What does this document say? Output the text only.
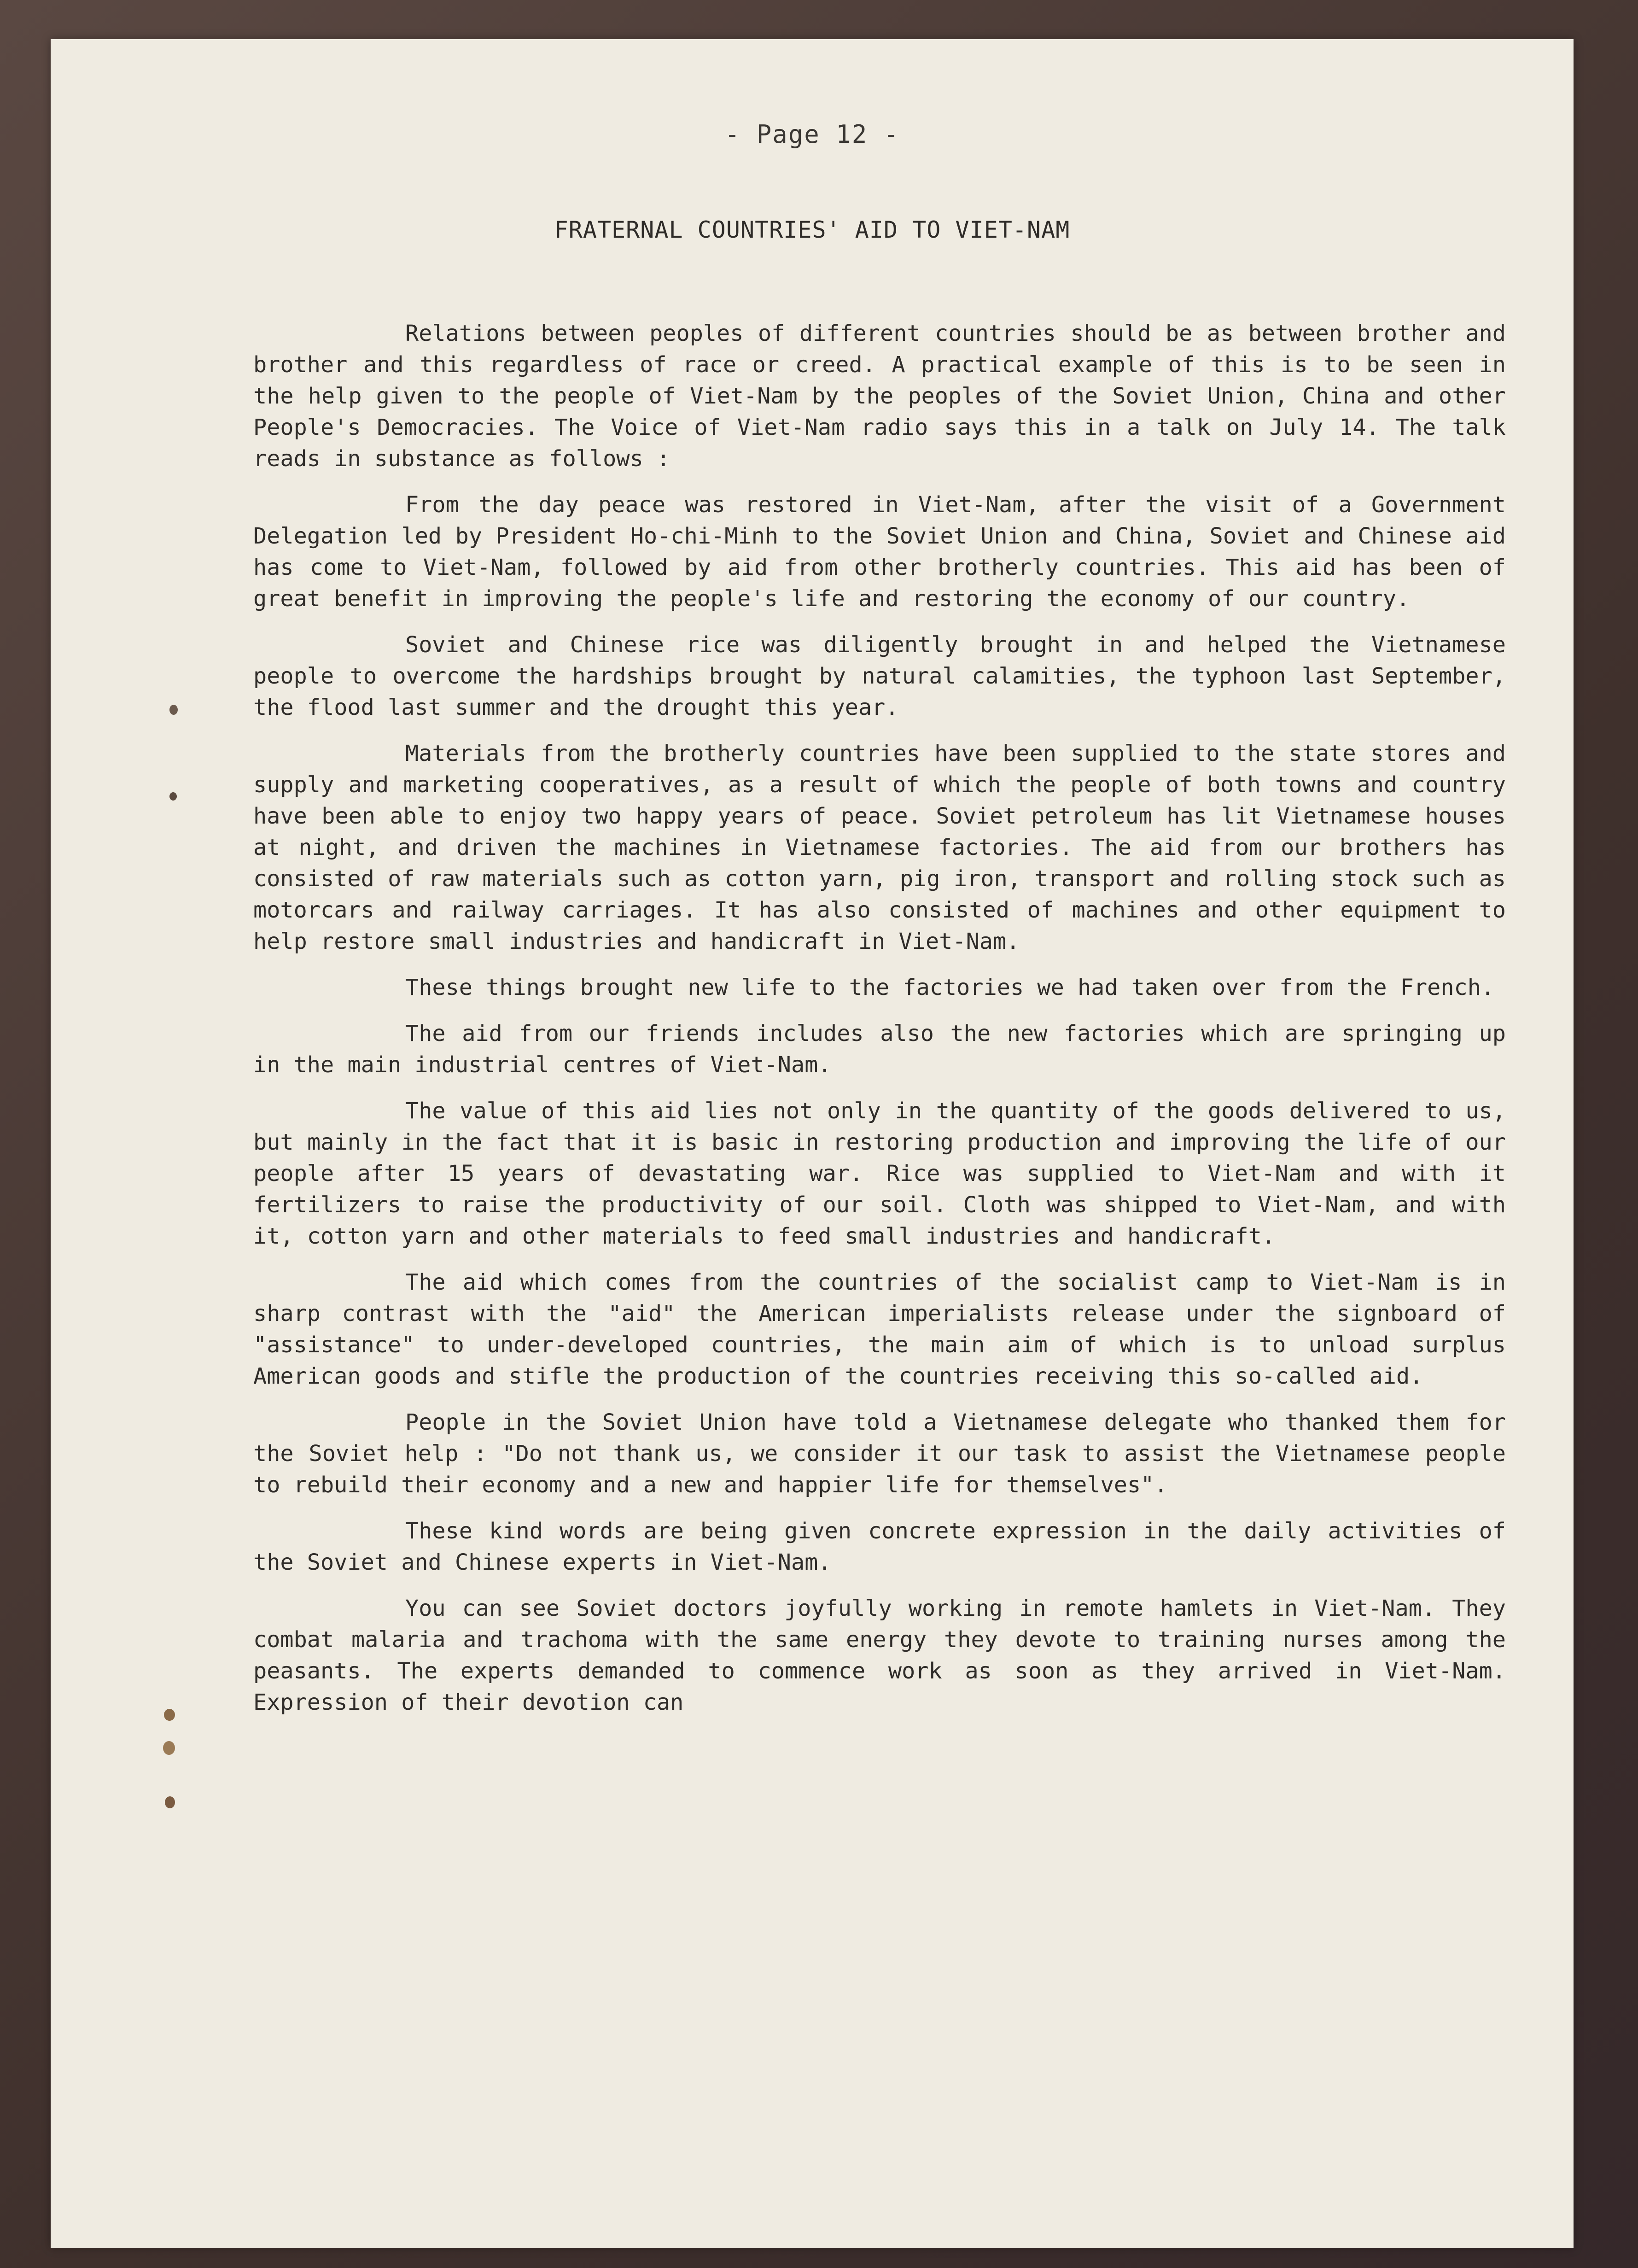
- Page 12 -
FRATERNAL COUNTRIES' AID TO VIET-NAM

Relations between peoples of different countries should be as between brother and brother and this regardless of race or creed. A practical example of this is to be seen in the help given to the people of Viet-Nam by the peoples of the Soviet Union, China and other People's Democracies. The Voice of Viet-Nam radio says this in a talk on July 14. The talk reads in substance as follows :

From the day peace was restored in Viet-Nam, after the visit of a Government Delegation led by President Ho-chi-Minh to the Soviet Union and China, Soviet and Chinese aid has come to Viet-Nam, followed by aid from other brotherly countries. This aid has been of great benefit in improving the people's life and restoring the economy of our country.

Soviet and Chinese rice was diligently brought in and helped the Vietnamese people to overcome the hardships brought by natural calamities, the typhoon last September, the flood last summer and the drought this year.

Materials from the brotherly countries have been supplied to the state stores and supply and marketing cooperatives, as a result of which the people of both towns and country have been able to enjoy two happy years of peace. Soviet petroleum has lit Vietnamese houses at night, and driven the machines in Vietnamese factories. The aid from our brothers has consisted of raw materials such as cotton yarn, pig iron, transport and rolling stock such as motorcars and railway carriages. It has also consisted of machines and other equipment to help restore small industries and handicraft in Viet-Nam.

These things brought new life to the factories we had taken over from the French.

The aid from our friends includes also the new factories which are springing up in the main industrial centres of Viet-Nam.

The value of this aid lies not only in the quantity of the goods delivered to us, but mainly in the fact that it is basic in restoring production and improving the life of our people after 15 years of devastating war. Rice was supplied to Viet-Nam and with it fertilizers to raise the productivity of our soil. Cloth was shipped to Viet-Nam, and with it, cotton yarn and other materials to feed small industries and handicraft.

The aid which comes from the countries of the socialist camp to Viet-Nam is in sharp contrast with the "aid" the American imperialists release under the signboard of "assistance" to under-developed countries, the main aim of which is to unload surplus American goods and stifle the production of the countries receiving this so-called aid.

People in the Soviet Union have told a Vietnamese delegate who thanked them for the Soviet help : "Do not thank us, we consider it our task to assist the Vietnamese people to rebuild their economy and a new and happier life for themselves".

These kind words are being given concrete expression in the daily activities of the Soviet and Chinese experts in Viet-Nam.

You can see Soviet doctors joyfully working in remote hamlets in Viet-Nam. They combat malaria and trachoma with the same energy they devote to training nurses among the peasants. The experts demanded to commence work as soon as they arrived in Viet-Nam. Expression of their devotion can
